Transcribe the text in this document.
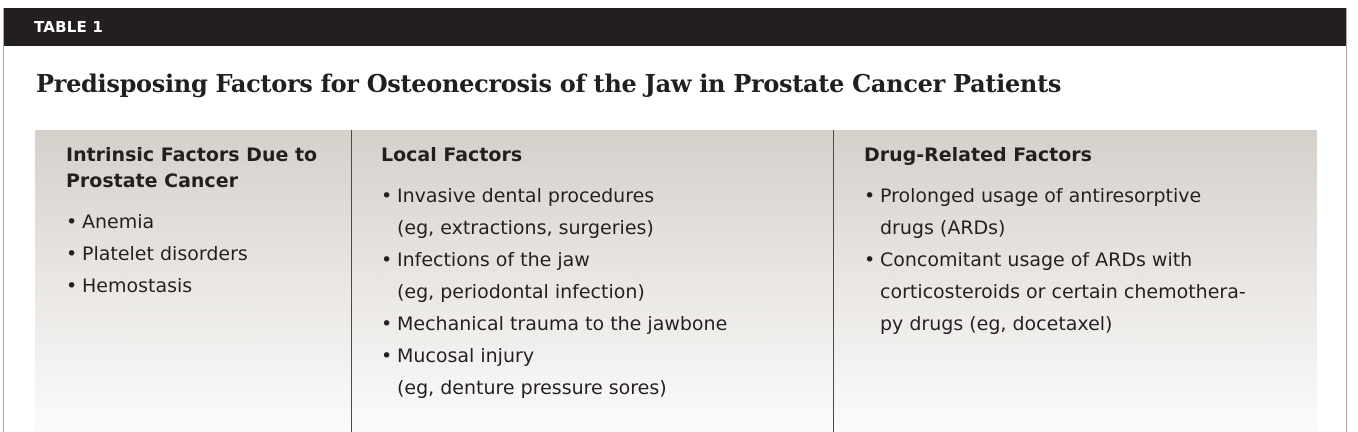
TABLE 1
Predisposing Factors for Osteonecrosis of the Jaw in Prostate Cancer Patients
Intrinsic Factors Due to
Prostate Cancer
• Anemia
• Platelet disorders
• Hemostasis
Local Factors
• Invasive dental procedures
(eg, extractions, surgeries)
• Infections of the jaw
(eg, periodontal infection)
• Mechanical trauma to the jawbone
• Mucosal injury
(eg, denture pressure sores)
Drug-Related Factors
• Prolonged usage of antiresorptive
drugs (ARDs)
• Concomitant usage of ARDs with
corticosteroids or certain chemothera-
py drugs (eg, docetaxel)
